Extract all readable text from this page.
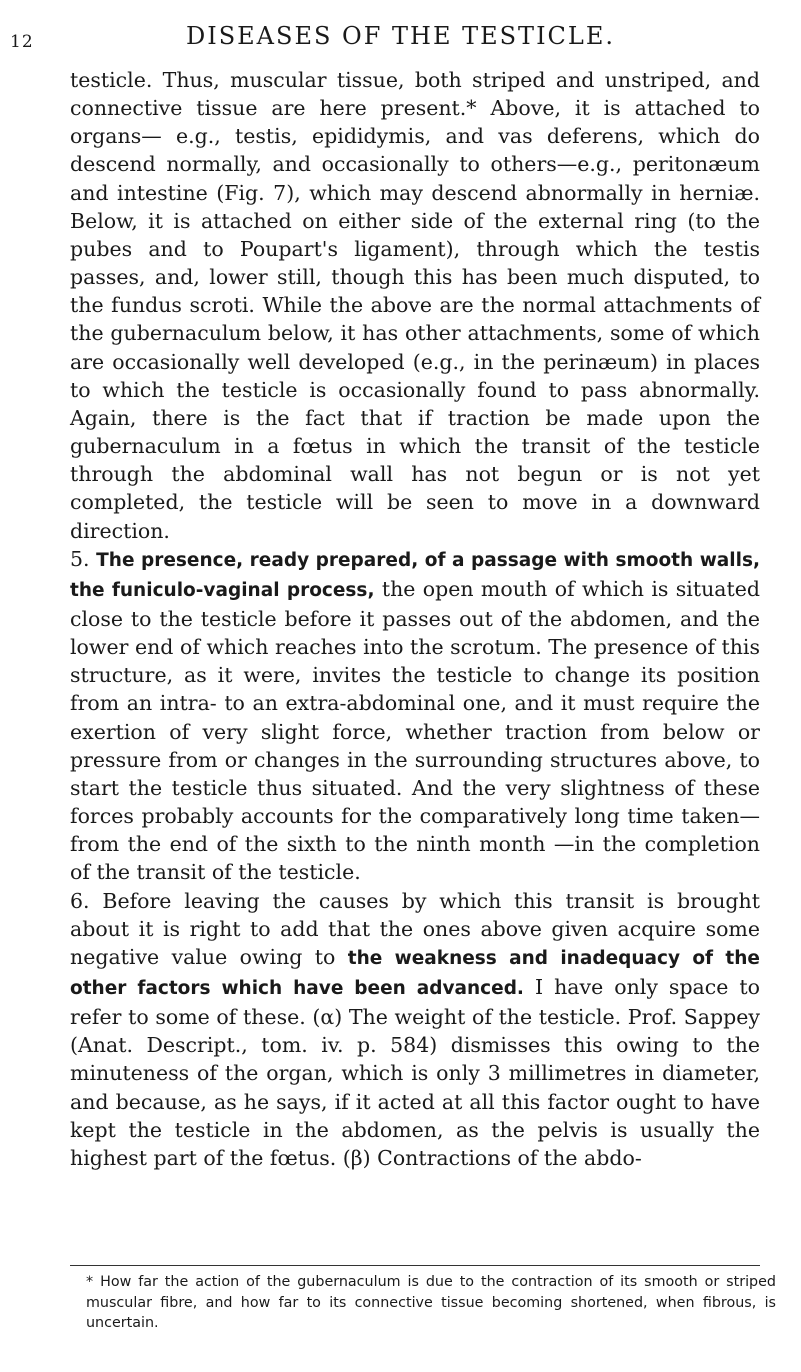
12	DISEASES OF THE TESTICLE.

testicle. Thus, muscular tissue, both striped and unstriped, and connective tissue are here present.* Above, it is attached to organs— e.g., testis, epididymis, and vas deferens, which do descend normally, and occasionally to others—e.g., peritonæum and intestine (Fig. 7), which may descend abnormally in herniæ. Below, it is attached on either side of the external ring (to the pubes and to Poupart's ligament), through which the testis passes, and, lower still, though this has been much disputed, to the fundus scroti. While the above are the normal attachments of the gubernaculum below, it has other attachments, some of which are occasionally well developed (e.g., in the perinæum) in places to which the testicle is occasionally found to pass abnormally. Again, there is the fact that if traction be made upon the gubernaculum in a fœtus in which the transit of the testicle through the abdominal wall has not begun or is not yet completed, the testicle will be seen to move in a downward direction.

5. The presence, ready prepared, of a passage with smooth walls, the funiculo-vaginal process, the open mouth of which is situated close to the testicle before it passes out of the abdomen, and the lower end of which reaches into the scrotum. The presence of this structure, as it were, invites the testicle to change its position from an intra- to an extra-abdominal one, and it must require the exertion of very slight force, whether traction from below or pressure from or changes in the surrounding structures above, to start the testicle thus situated. And the very slightness of these forces probably accounts for the comparatively long time taken—from the end of the sixth to the ninth month —in the completion of the transit of the testicle.

6. Before leaving the causes by which this transit is brought about it is right to add that the ones above given acquire some negative value owing to the weakness and inadequacy of the other factors which have been advanced. I have only space to refer to some of these. (α) The weight of the testicle. Prof. Sappey (Anat. Descript., tom. iv. p. 584) dismisses this owing to the minuteness of the organ, which is only 3 millimetres in diameter, and because, as he says, if it acted at all this factor ought to have kept the testicle in the abdomen, as the pelvis is usually the highest part of the fœtus. (β) Contractions of the abdo-

* How far the action of the gubernaculum is due to the contraction of its smooth or striped muscular fibre, and how far to its connective tissue becoming shortened, when fibrous, is uncertain.
